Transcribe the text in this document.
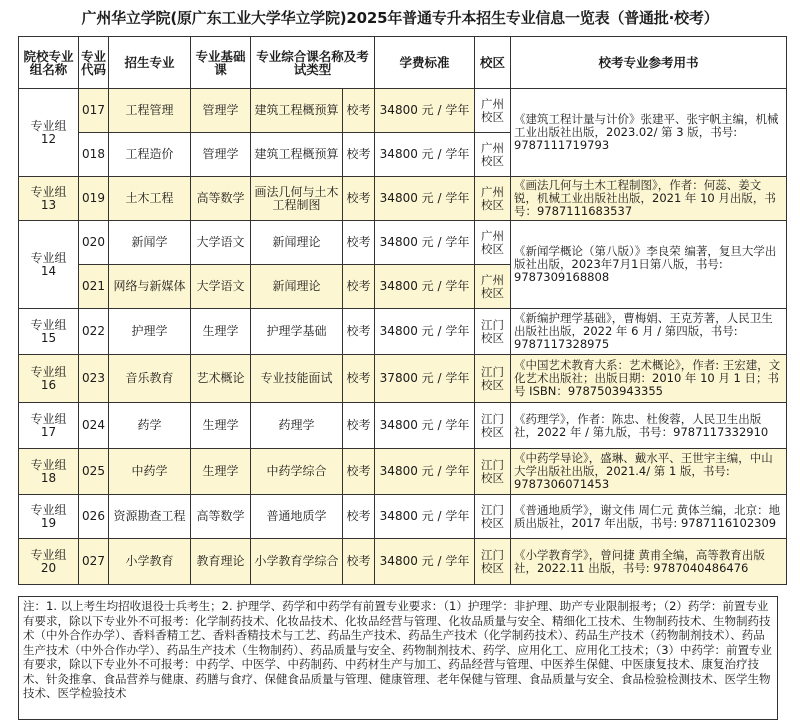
广州华立学院(原广东工业大学华立学院)2025年普通专升本招生专业信息一览表（普通批·校考）
院校专业组名称	专业代码	招生专业	专业基础课	专业综合课名称及考试类型		学费标准	校区	校考专业参考用书
专业组 12	017	工程管理	管理学	建筑工程概预算	校考	34800 元 / 学年	广州校区	《建筑工程计量与计价》张建平、张宇帆主编，机械工业出版社出版，2023.02/ 第 3 版，书号: 9787111719793
	018	工程造价	管理学	建筑工程概预算	校考	34800 元 / 学年	广州校区	
专业组 13	019	土木工程	高等数学	画法几何与土木工程制图	校考	34800 元 / 学年	广州校区	《画法几何与土木工程制图》，作者：何蕊、姜文锐，机械工业出版社出版，2021 年 10 月出版，书号：9787111683537
专业组 14	020	新闻学	大学语文	新闻理论	校考	34800 元 / 学年	广州校区	《新闻学概论（第八版）》李良荣 编著，复旦大学出版社出版，2023年7月1日第八版，书号: 9787309168808
	021	网络与新媒体	大学语文	新闻理论	校考	34800 元 / 学年	广州校区	
专业组 15	022	护理学	生理学	护理学基础	校考	34800 元 / 学年	江门校区	《新编护理学基础》，曹梅娟、王克芳著，人民卫生出版社出版，2022 年 6 月 / 第四版，书号: 9787117328975
专业组 16	023	音乐教育	艺术概论	专业技能面试	校考	37800 元 / 学年	江门校区	《中国艺术教育大系：艺术概论》，作者: 王宏建，文化艺术出版社；出版日期：2010 年 10 月 1 日；书号 ISBN：9787503943355
专业组 17	024	药学	生理学	药理学	校考	34800 元 / 学年	江门校区	《药理学》，作者：陈忠、杜俊蓉，人民卫生出版社，2022 年 / 第九版，书号：9787117332910
专业组 18	025	中药学	生理学	中药学综合	校考	34800 元 / 学年	江门校区	《中药学导论》，盛琳、戴水平、王世宇主编，中山大学出版社出版，2021.4/ 第 1 版，书号: 9787306071453
专业组 19	026	资源勘查工程	高等数学	普通地质学	校考	34800 元 / 学年	江门校区	《普通地质学》，谢文伟 周仁元 黄体兰编，北京：地质出版社，2017 年出版，书号: 9787116102309
专业组 20	027	小学教育	教育理论	小学教育学综合	校考	34800 元 / 学年	江门校区	《小学教育学》，曾问捷 黄甫全编，高等教育出版社，2022.11 出版，书号: 9787040486476
注：1. 以上考生均招收退役士兵考生；2. 护理学、药学和中药学有前置专业要求：（1）护理学：非护理、助产专业限制报考；（2）药学：前置专业有要求，除以下专业外不可报考：化学制药技术、化妆品技术、化妆品经营与管理、化妆品质量与安全、精细化工技术、生物制药技术、生物制药技术（中外合作办学）、香料香精工艺、香料香精技术与工艺、药品生产技术、药品生产技术（化学制药技术）、药品生产技术（药物制剂技术）、药品生产技术（中外合作办学）、药品生产技术（生物制药）、药品质量与安全、药物制剂技术、药学、应用化工、应用化工技术；（3）中药学：前置专业有要求，除以下专业外不可报考：中药学、中医学、中药制药、中药材生产与加工、药品经营与管理、中医养生保健、中医康复技术、康复治疗技术、针灸推拿、食品营养与健康、药膳与食疗、保健食品质量与管理、健康管理、老年保健与管理、食品质量与安全、食品检验检测技术、医学生物技术、医学检验技术
